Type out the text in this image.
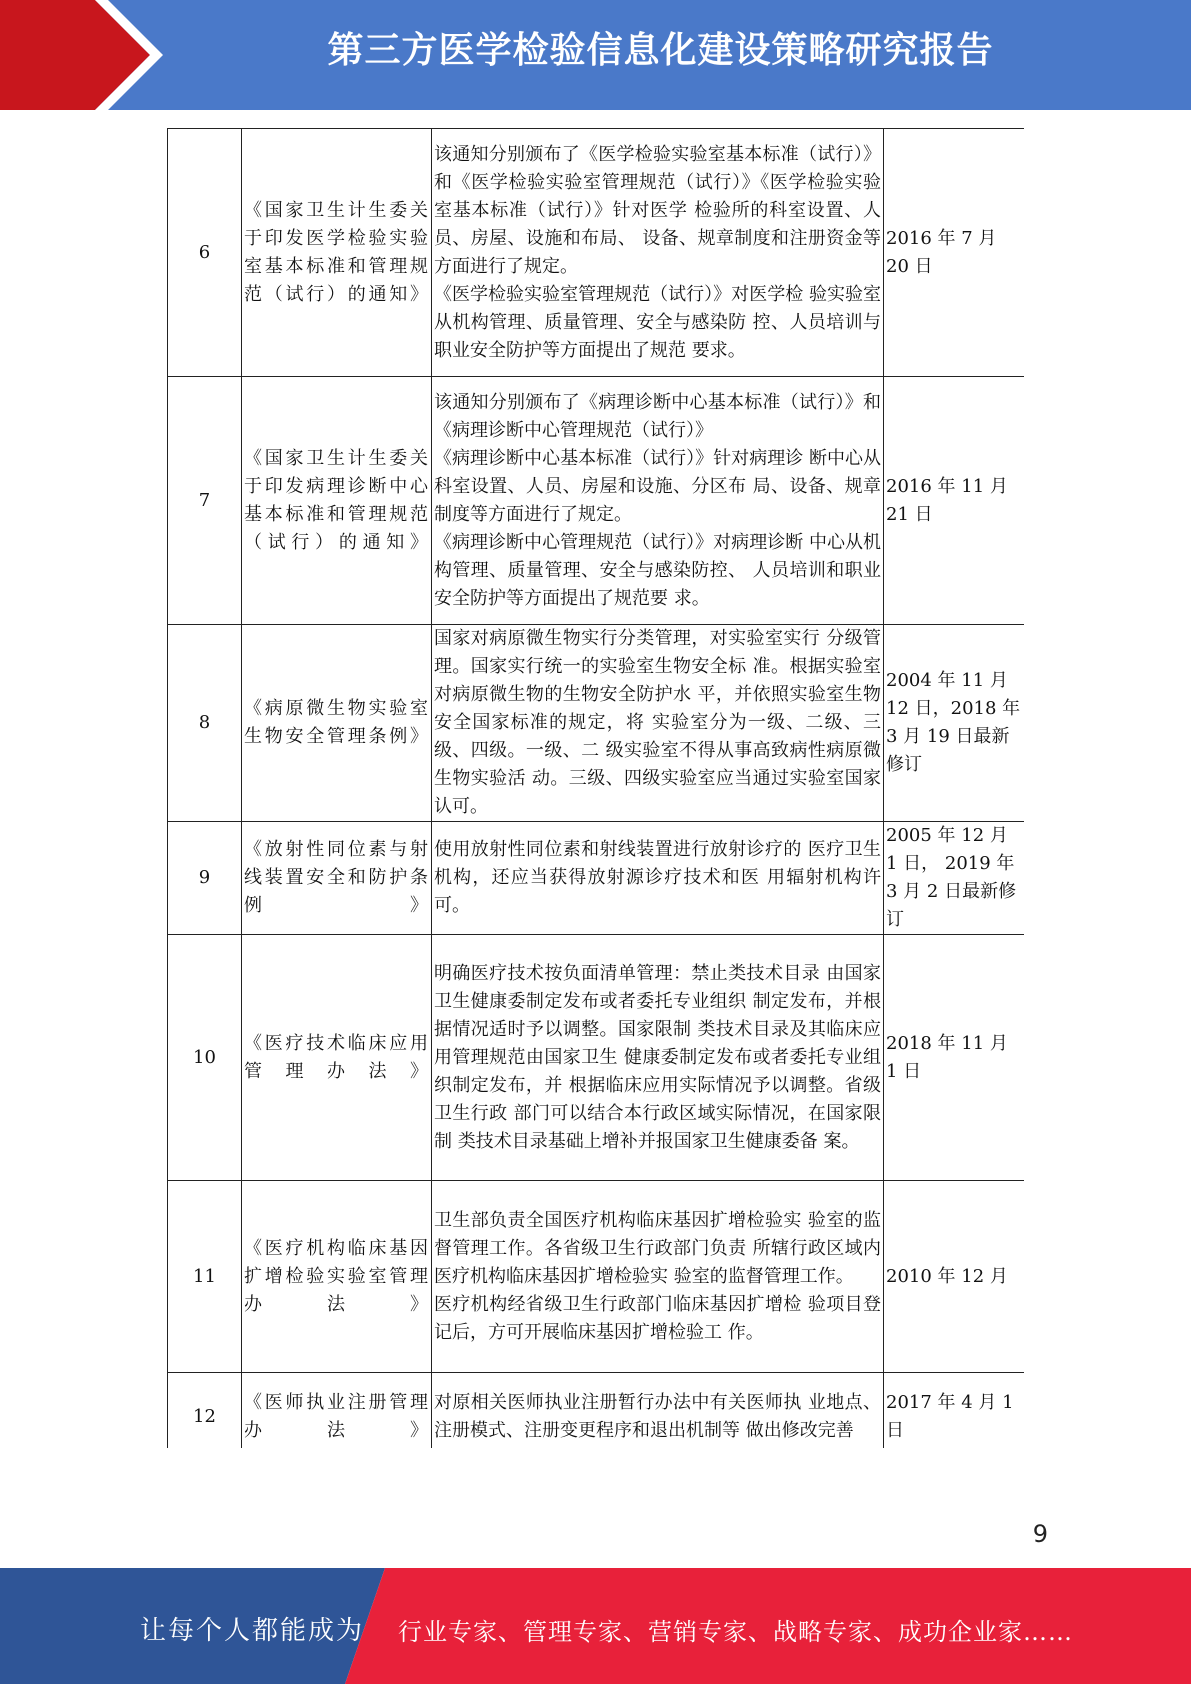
第三方医学检验信息化建设策略研究报告
6	《国家卫生计生委关于印发医学检验实验室基本标准和管理规范（试行）的通知》	该通知分别颁布了《医学检验实验室基本标准（试行）》和《医学检验实验室管理规范（试行）》《医学检验实验室基本标准（试行）》针对医学 检验所的科室设置、人员、房屋、设施和布局、 设备、规章制度和注册资金等方面进行了规定。

《医学检验实验室管理规范（试行）》对医学检 验实验室从机构管理、质量管理、安全与感染防 控、人员培训与职业安全防护等方面提出了规范 要求。	2016 年 7 月 20 日
7	《国家卫生计生委关于印发病理诊断中心基本标准和管理规范（试行）的通知》	该通知分别颁布了《病理诊断中心基本标准（试行）》和《病理诊断中心管理规范（试行）》

《病理诊断中心基本标准（试行）》针对病理诊 断中心从科室设置、人员、房屋和设施、分区布 局、设备、规章制度等方面进行了规定。

《病理诊断中心管理规范（试行）》对病理诊断 中心从机构管理、质量管理、安全与感染防控、 人员培训和职业安全防护等方面提出了规范要 求。	2016 年 11 月 21 日
8	《病原微生物实验室生物安全管理条例》	国家对病原微生物实行分类管理，对实验室实行 分级管理。国家实行统一的实验室生物安全标 准。根据实验室对病原微生物的生物安全防护水 平，并依照实验室生物安全国家标准的规定，将 实验室分为一级、二级、三级、四级。一级、二 级实验室不得从事高致病性病原微生物实验活 动。三级、四级实验室应当通过实验室国家认可。	2004 年 11 月 12 日，2018 年 3 月 19 日最新修订
9	《放射性同位素与射线装置安全和防护条例》	使用放射性同位素和射线装置进行放射诊疗的 医疗卫生机构，还应当获得放射源诊疗技术和医 用辐射机构许可。	2005 年 12 月 1 日， 2019 年 3 月 2 日最新修订
10	《医疗技术临床应用管理办法》	明确医疗技术按负面清单管理：禁止类技术目录 由国家卫生健康委制定发布或者委托专业组织 制定发布，并根据情况适时予以调整。国家限制 类技术目录及其临床应用管理规范由国家卫生 健康委制定发布或者委托专业组织制定发布，并 根据临床应用实际情况予以调整。省级卫生行政 部门可以结合本行政区域实际情况，在国家限制 类技术目录基础上增补并报国家卫生健康委备 案。	2018 年 11 月 1 日
11	《医疗机构临床基因扩增检验实验室管理办法》	卫生部负责全国医疗机构临床基因扩增检验实 验室的监督管理工作。各省级卫生行政部门负责 所辖行政区域内医疗机构临床基因扩增检验实 验室的监督管理工作。

医疗机构经省级卫生行政部门临床基因扩增检 验项目登记后，方可开展临床基因扩增检验工 作。	2010 年 12 月
12	《医师执业注册管理办法》	对原相关医师执业注册暂行办法中有关医师执 业地点、注册模式、注册变更程序和退出机制等 做出修改完善	2017 年 4 月 1 日
9
让每个人都能成为 行业专家、管理专家、营销专家、战略专家、成功企业家……
